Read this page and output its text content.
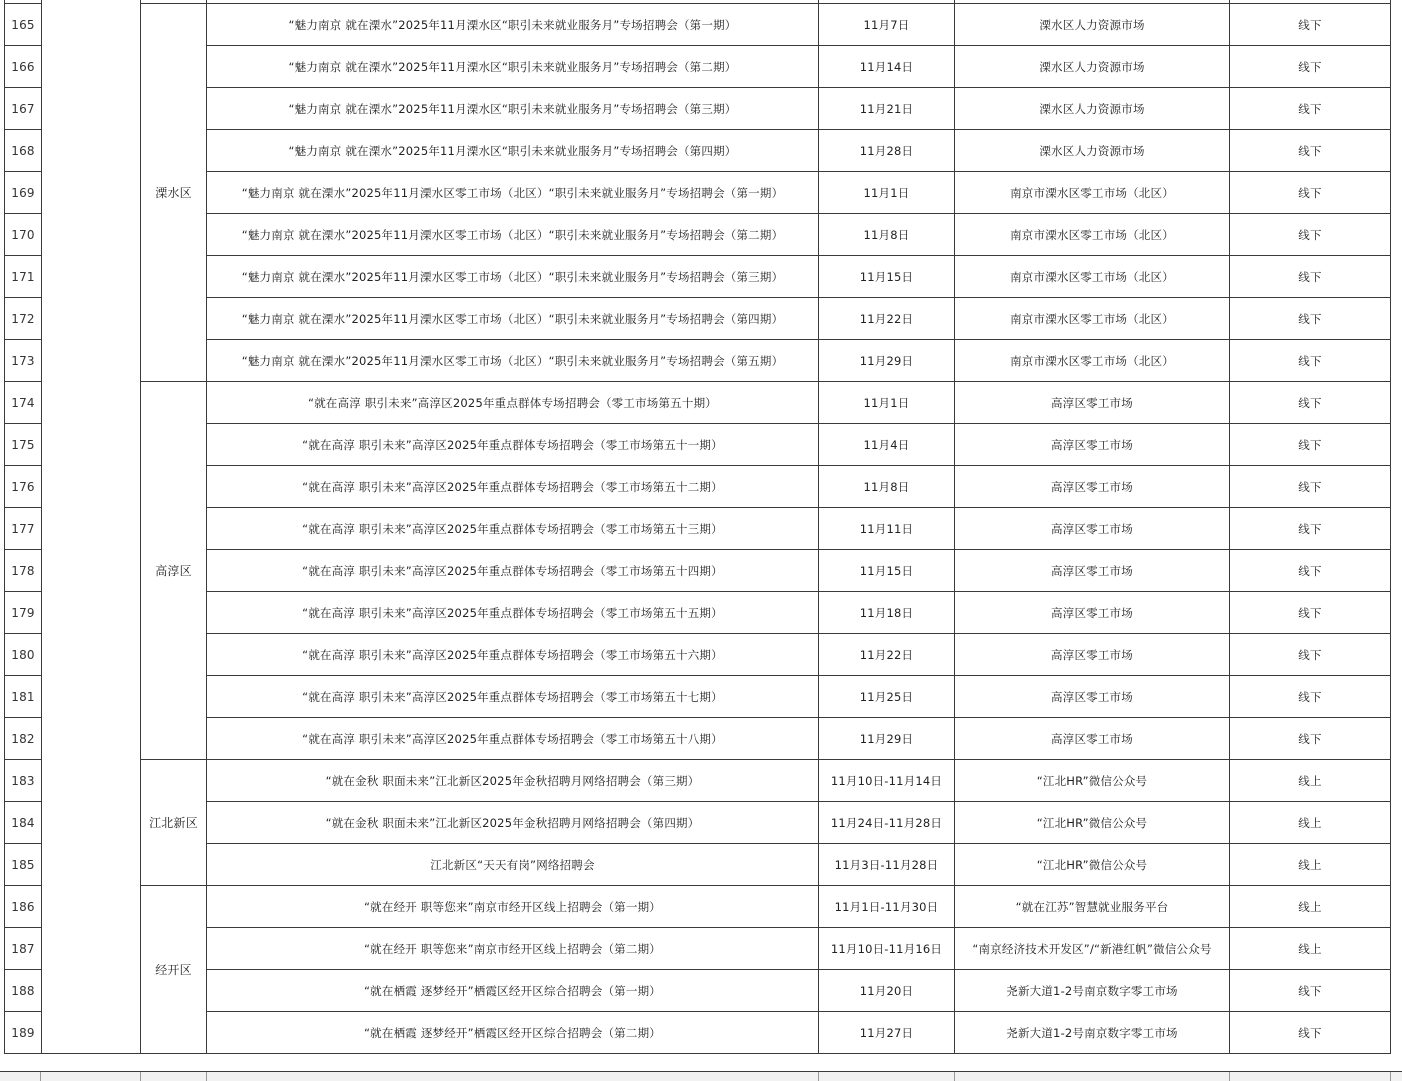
165		溧水区	“魅力南京 就在溧水”2025年11月溧水区“职引未来就业服务月”专场招聘会（第一期）	11月7日	溧水区人力资源市场	线下
166			“魅力南京 就在溧水”2025年11月溧水区“职引未来就业服务月”专场招聘会（第二期）	11月14日	溧水区人力资源市场	线下
167			“魅力南京 就在溧水”2025年11月溧水区“职引未来就业服务月”专场招聘会（第三期）	11月21日	溧水区人力资源市场	线下
168			“魅力南京 就在溧水”2025年11月溧水区“职引未来就业服务月”专场招聘会（第四期）	11月28日	溧水区人力资源市场	线下
169			“魅力南京 就在溧水”2025年11月溧水区零工市场（北区）“职引未来就业服务月”专场招聘会（第一期）	11月1日	南京市溧水区零工市场（北区）	线下
170			“魅力南京 就在溧水”2025年11月溧水区零工市场（北区）“职引未来就业服务月”专场招聘会（第二期）	11月8日	南京市溧水区零工市场（北区）	线下
171			“魅力南京 就在溧水”2025年11月溧水区零工市场（北区）“职引未来就业服务月”专场招聘会（第三期）	11月15日	南京市溧水区零工市场（北区）	线下
172			“魅力南京 就在溧水”2025年11月溧水区零工市场（北区）“职引未来就业服务月”专场招聘会（第四期）	11月22日	南京市溧水区零工市场（北区）	线下
173			“魅力南京 就在溧水”2025年11月溧水区零工市场（北区）“职引未来就业服务月”专场招聘会（第五期）	11月29日	南京市溧水区零工市场（北区）	线下
174		高淳区	“就在高淳 职引未来”高淳区2025年重点群体专场招聘会（零工市场第五十期）	11月1日	高淳区零工市场	线下
175			“就在高淳 职引未来”高淳区2025年重点群体专场招聘会（零工市场第五十一期）	11月4日	高淳区零工市场	线下
176			“就在高淳 职引未来”高淳区2025年重点群体专场招聘会（零工市场第五十二期）	11月8日	高淳区零工市场	线下
177			“就在高淳 职引未来”高淳区2025年重点群体专场招聘会（零工市场第五十三期）	11月11日	高淳区零工市场	线下
178			“就在高淳 职引未来”高淳区2025年重点群体专场招聘会（零工市场第五十四期）	11月15日	高淳区零工市场	线下
179			“就在高淳 职引未来”高淳区2025年重点群体专场招聘会（零工市场第五十五期）	11月18日	高淳区零工市场	线下
180			“就在高淳 职引未来”高淳区2025年重点群体专场招聘会（零工市场第五十六期）	11月22日	高淳区零工市场	线下
181			“就在高淳 职引未来”高淳区2025年重点群体专场招聘会（零工市场第五十七期）	11月25日	高淳区零工市场	线下
182			“就在高淳 职引未来”高淳区2025年重点群体专场招聘会（零工市场第五十八期）	11月29日	高淳区零工市场	线下
183		江北新区	“就在金秋 职面未来”江北新区2025年金秋招聘月网络招聘会（第三期）	11月10日-11月14日	“江北HR”微信公众号	线上
184			“就在金秋 职面未来”江北新区2025年金秋招聘月网络招聘会（第四期）	11月24日-11月28日	“江北HR”微信公众号	线上
185			江北新区“天天有岗”网络招聘会	11月3日-11月28日	“江北HR”微信公众号	线上
186		经开区	“就在经开 职等您来”南京市经开区线上招聘会（第一期）	11月1日-11月30日	“就在江苏”智慧就业服务平台	线上
187			“就在经开 职等您来”南京市经开区线上招聘会（第二期）	11月10日-11月16日	“南京经济技术开发区”/“新港红帆”微信公众号	线上
188			“就在栖霞 逐梦经开”栖霞区经开区综合招聘会（第一期）	11月20日	尧新大道1-2号南京数字零工市场	线下
189			“就在栖霞 逐梦经开”栖霞区经开区综合招聘会（第二期）	11月27日	尧新大道1-2号南京数字零工市场	线下
